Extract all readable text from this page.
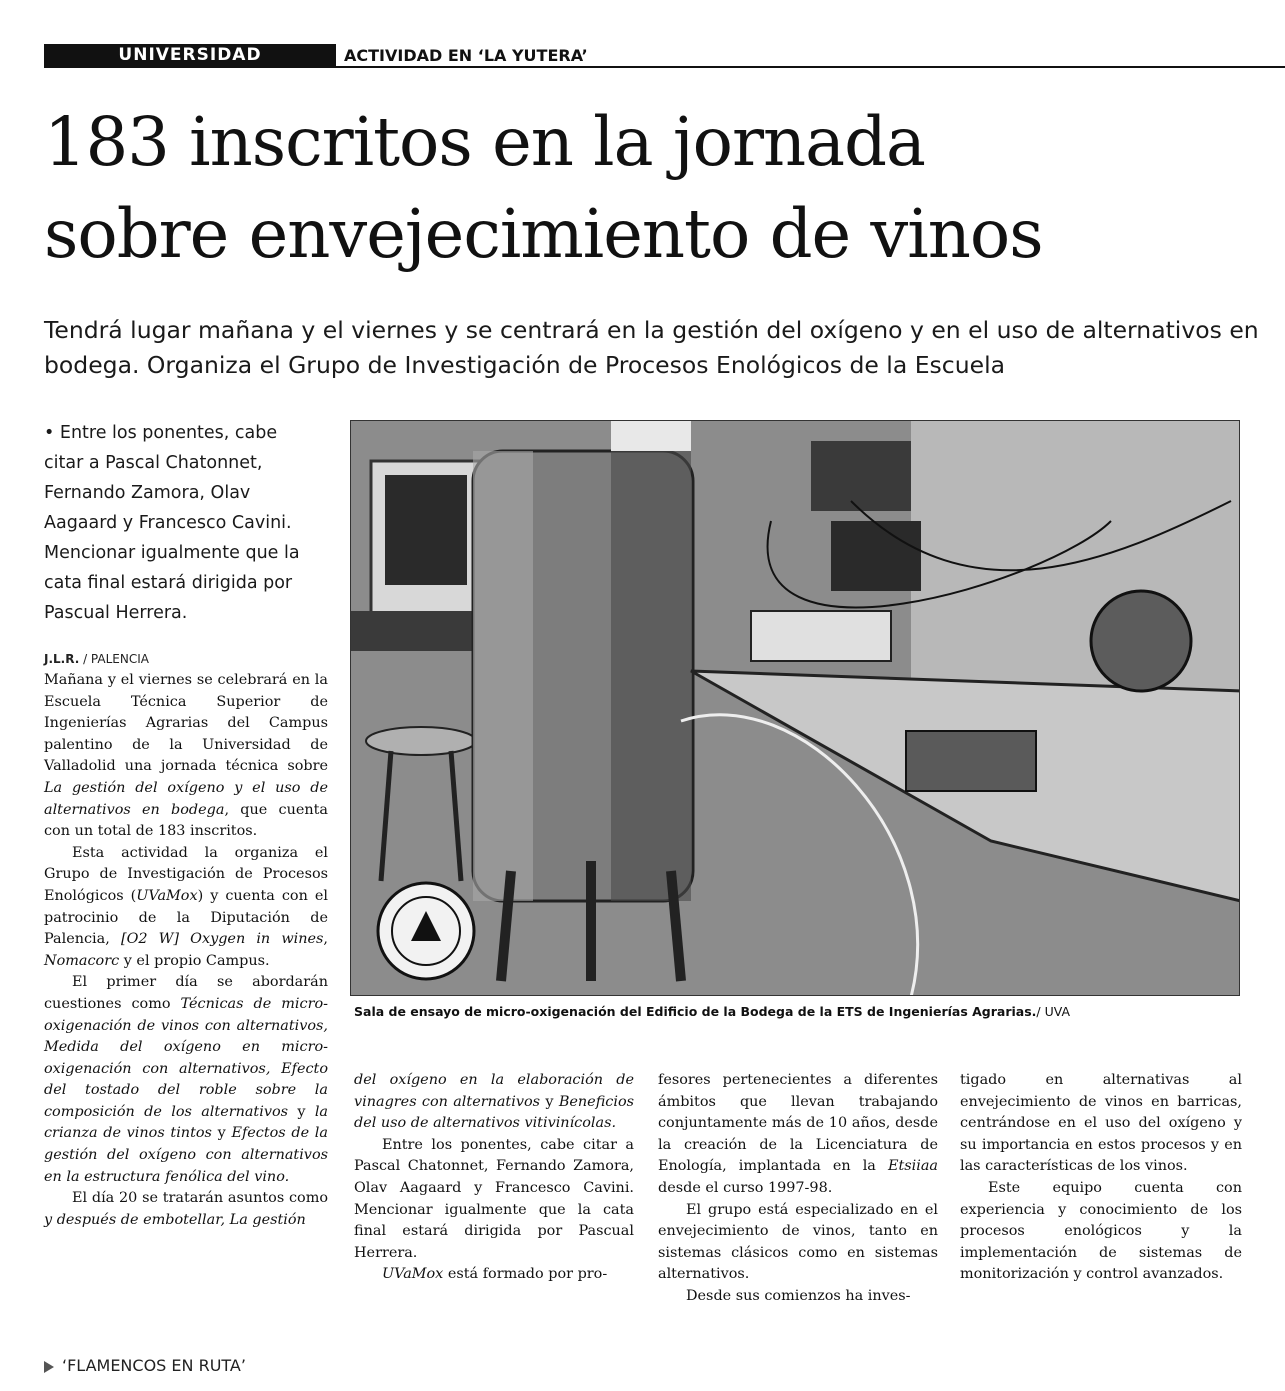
UNIVERSIDAD	ACTIVIDAD EN ‘LA YUTERA’
183 inscritos en la jornada
sobre envejecimiento de vinos
Tendrá lugar mañana y el viernes y se centrará en la gestión del oxígeno y en el uso de alternativos en bodega. Organiza el Grupo de Investigación de Procesos Enológicos de la Escuela
• Entre los ponentes, cabe citar a Pascal Chatonnet, Fernando Zamora, Olav Aagaard y Francesco Cavini. Mencionar igualmente que la cata final estará dirigida por Pascual Herrera.
J.L.R. / PALENCIA

Mañana y el viernes se celebrará en la Escuela Técnica Superior de Ingenierías Agrarias del Campus palentino de la Universidad de Valladolid una jornada técnica sobre La gestión del oxígeno y el uso de alternativos en bodega, que cuenta con un total de 183 inscritos.

Esta actividad la organiza el Grupo de Investigación de Procesos Enológicos (UVaMox) y cuenta con el patrocinio de la Diputación de Palencia, [O2 W] Oxygen in wines, Nomacorc y el propio Campus.

El primer día se abordarán cuestiones como Técnicas de micro-oxigenación de vinos con alternativos, Medida del oxígeno en micro-oxigenación con alternativos, Efecto del tostado del roble sobre la composición de los alternativos y la crianza de vinos tintos y Efectos de la gestión del oxígeno con alternativos en la estructura fenólica del vino.

El día 20 se tratarán asuntos como y después de embotellar, La gestión

Sala de ensayo de micro-oxigenación del Edificio de la Bodega de la ETS de Ingenierías Agrarias./ UVA

del oxígeno en la elaboración de vinagres con alternativos y Beneficios del uso de alternativos vitivinícolas.

Entre los ponentes, cabe citar a Pascal Chatonnet, Fernando Zamora, Olav Aagaard y Francesco Cavini. Mencionar igualmente que la cata final estará dirigida por Pascual Herrera.

UVaMox está formado por pro-

fesores pertenecientes a diferentes ámbitos que llevan trabajando conjuntamente más de 10 años, desde la creación de la Licenciatura de Enología, implantada en la Etsiiaa desde el curso 1997-98.

El grupo está especializado en el envejecimiento de vinos, tanto en sistemas clásicos como en sistemas alternativos.

Desde sus comienzos ha inves-

tigado en alternativas al envejecimiento de vinos en barricas, centrándose en el uso del oxígeno y su importancia en estos procesos y en las características de los vinos.

Este equipo cuenta con experiencia y conocimiento de los procesos enológicos y la implementación de sistemas de monitorización y control avanzados.

‘FLAMENCOS EN RUTA’
